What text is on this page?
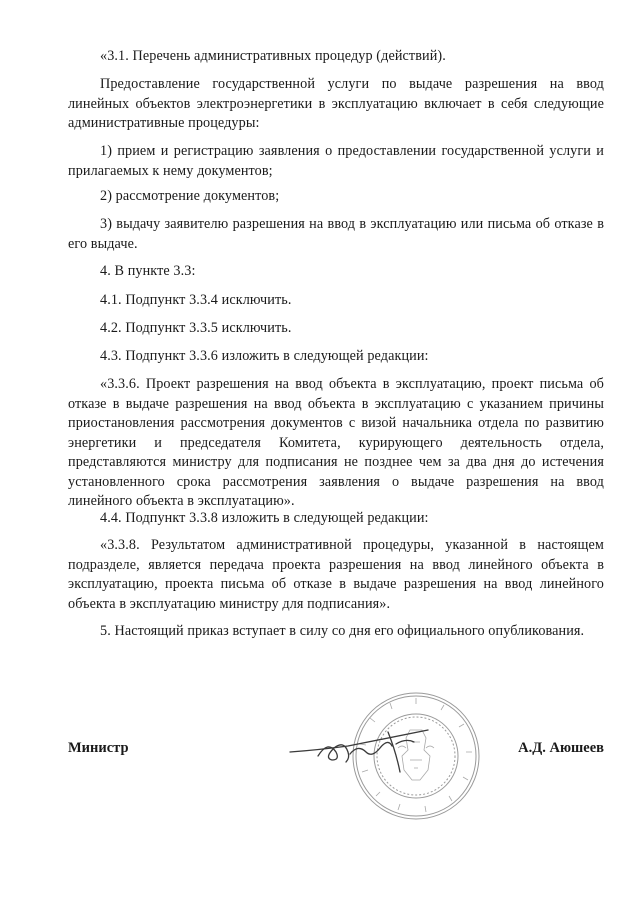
«3.1. Перечень административных процедур (действий).

Предоставление государственной услуги по выдаче разрешения на ввод линейных объектов электроэнергетики в эксплуатацию включает в себя следующие административные процедуры:

1) прием и регистрацию заявления о предоставлении государственной услуги и прилагаемых к нему документов;

2) рассмотрение документов;

3) выдачу заявителю разрешения на ввод в эксплуатацию или письма об отказе в его выдаче.

4. В пункте 3.3:

4.1. Подпункт 3.3.4 исключить.

4.2. Подпункт 3.3.5 исключить.

4.3. Подпункт 3.3.6 изложить в следующей редакции:

«3.3.6. Проект разрешения на ввод объекта в эксплуатацию, проект письма об отказе в выдаче разрешения на ввод объекта в эксплуатацию с указанием причины приостановления рассмотрения документов с визой начальника отдела по развитию энергетики и председателя Комитета, курирующего деятельность отдела, представляются министру для подписания не позднее чем за два дня до истечения установленного срока рассмотрения заявления о выдаче разрешения на ввод линейного объекта в эксплуатацию».

4.4. Подпункт 3.3.8 изложить в следующей редакции:

«3.3.8. Результатом административной процедуры, указанной в настоящем подразделе, является передача проекта разрешения на ввод линейного объекта в эксплуатацию, проекта письма об отказе в выдаче разрешения на ввод линейного объекта в эксплуатацию министру для подписания».

5. Настоящий приказ вступает в силу со дня его официального опубликования.

Министр	А.Д. Аюшеев
